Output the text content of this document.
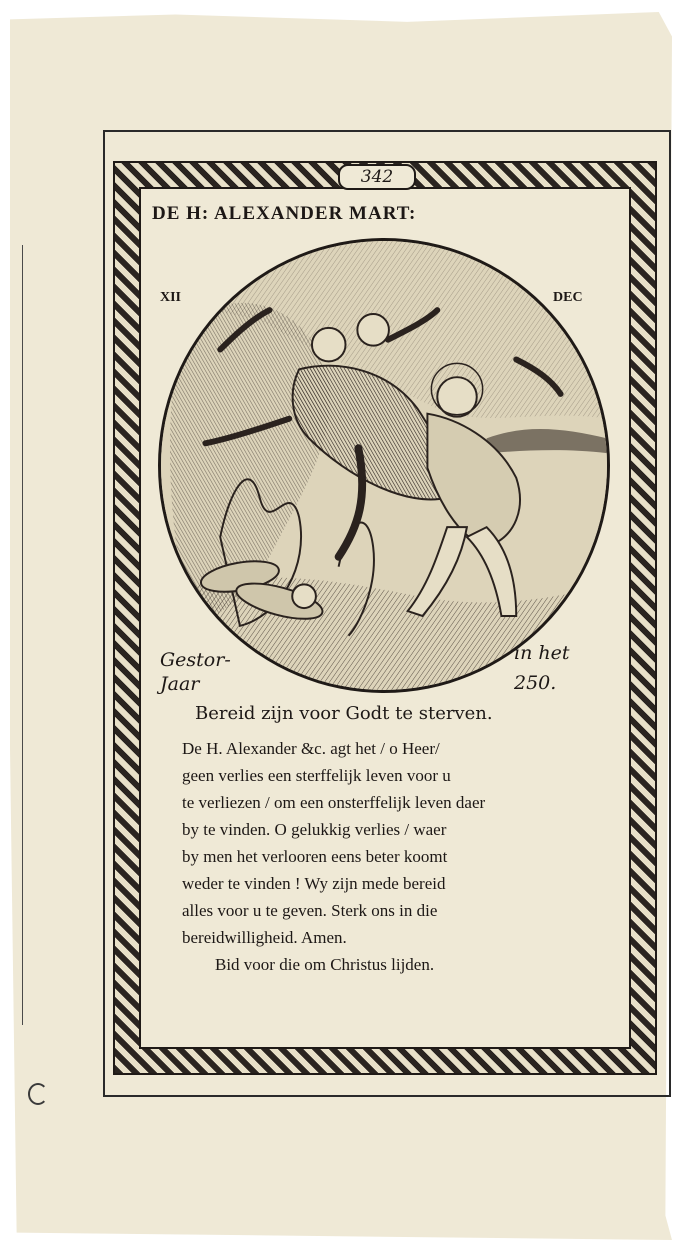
342
DE H: ALEXANDER MART:
XII	DEC
Gestor-
Jaar
in het
250.
Bereid zijn voor Godt te sterven.
De H. Alexander &c. agt het / o Heer/
geen verlies een sterffelijk leven voor u
te verliezen / om een onsterffelijk leven daer
by te vinden. O gelukkig verlies / waer
by men het verlooren eens beter koomt
weder te vinden ! Wy zijn mede bereid
alles voor u te geven. Sterk ons in die
bereidwilligheid. Amen.
Bid voor die om Christus lijden.
